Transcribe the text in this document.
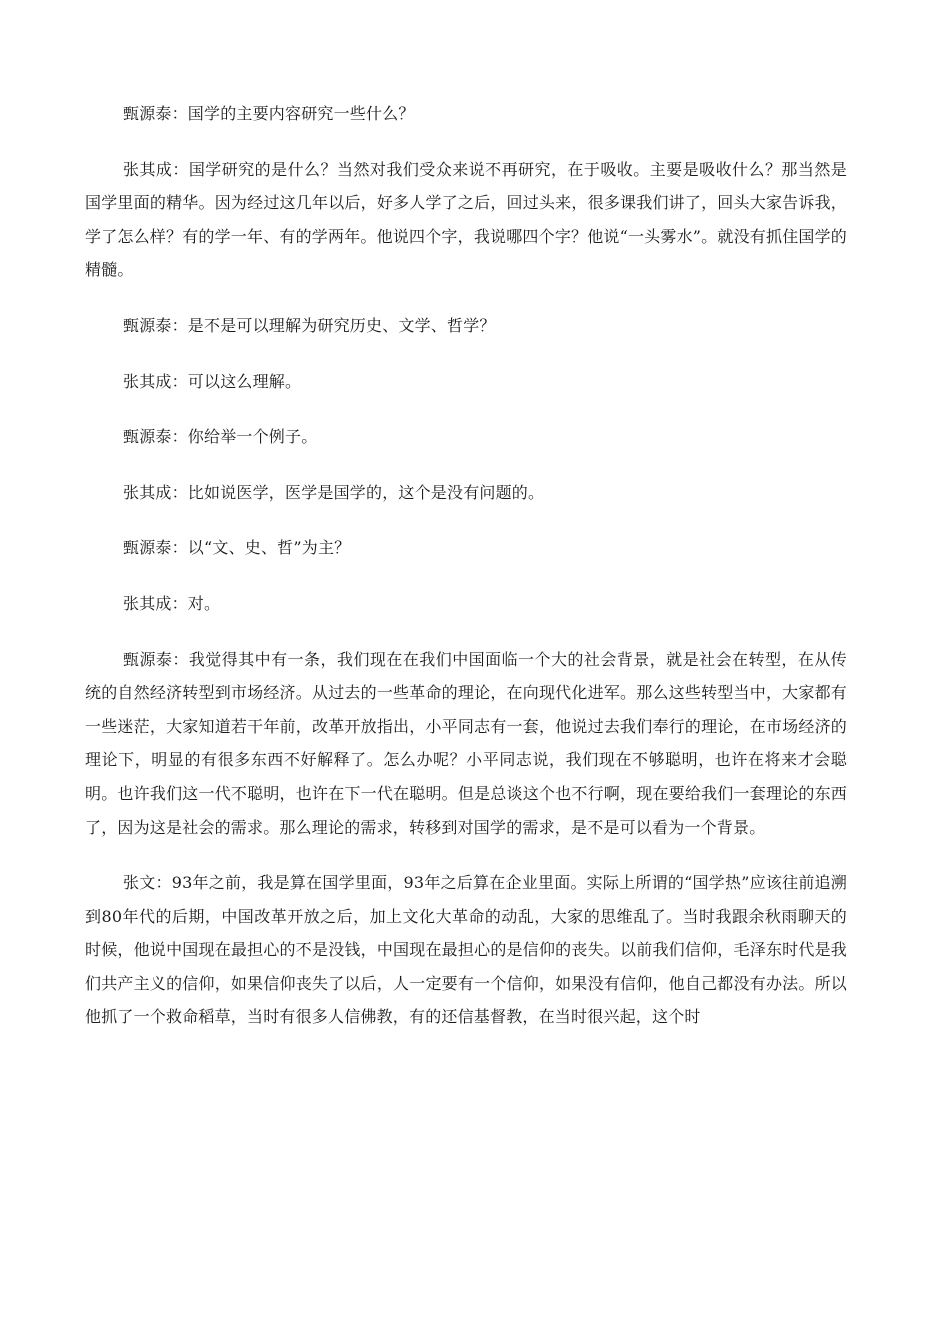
甄源泰：国学的主要内容研究一些什么？

张其成：国学研究的是什么？当然对我们受众来说不再研究，在于吸收。主要是吸收什么？那当然是国学里面的精华。因为经过这几年以后，好多人学了之后，回过头来，很多课我们讲了，回头大家告诉我，学了怎么样？有的学一年、有的学两年。他说四个字，我说哪四个字？他说“一头雾水”。就没有抓住国学的精髓。

甄源泰：是不是可以理解为研究历史、文学、哲学？

张其成：可以这么理解。

甄源泰：你给举一个例子。

张其成：比如说医学，医学是国学的，这个是没有问题的。

甄源泰：以“文、史、哲”为主？

张其成：对。

甄源泰：我觉得其中有一条，我们现在在我们中国面临一个大的社会背景，就是社会在转型，在从传统的自然经济转型到市场经济。从过去的一些革命的理论，在向现代化进军。那么这些转型当中，大家都有一些迷茫，大家知道若干年前，改革开放指出，小平同志有一套，他说过去我们奉行的理论，在市场经济的理论下，明显的有很多东西不好解释了。怎么办呢？小平同志说，我们现在不够聪明，也许在将来才会聪明。也许我们这一代不聪明，也许在下一代在聪明。但是总谈这个也不行啊，现在要给我们一套理论的东西了，因为这是社会的需求。那么理论的需求，转移到对国学的需求，是不是可以看为一个背景。

张文：93年之前，我是算在国学里面，93年之后算在企业里面。实际上所谓的“国学热”应该往前追溯到80年代的后期，中国改革开放之后，加上文化大革命的动乱，大家的思维乱了。当时我跟余秋雨聊天的时候，他说中国现在最担心的不是没钱，中国现在最担心的是信仰的丧失。以前我们信仰，毛泽东时代是我们共产主义的信仰，如果信仰丧失了以后，人一定要有一个信仰，如果没有信仰，他自己都没有办法。所以他抓了一个救命稻草，当时有很多人信佛教，有的还信基督教，在当时很兴起，这个时
